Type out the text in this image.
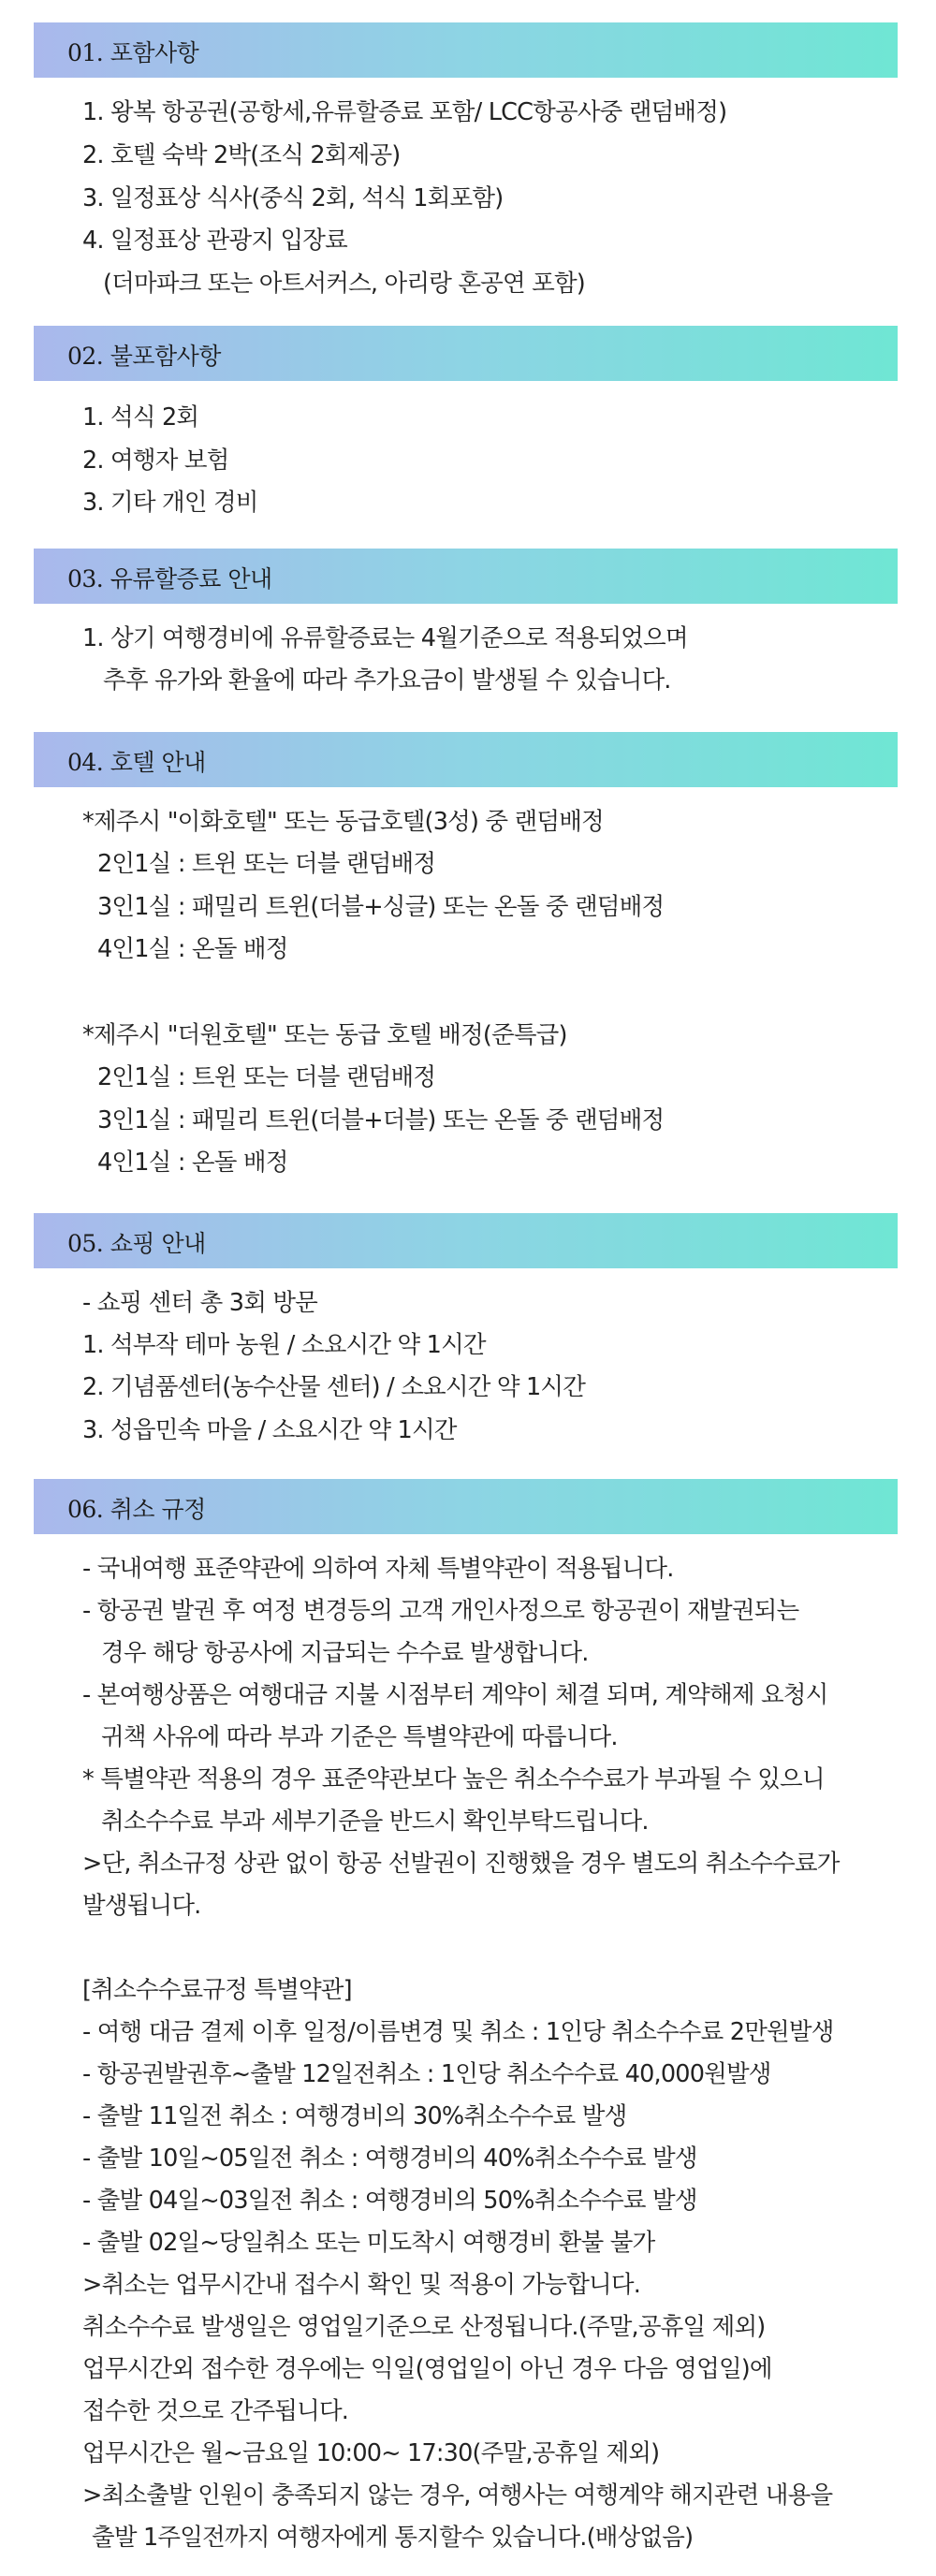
01. 포함사항

1. 왕복 항공권(공항세,유류할증료 포함/ LCC항공사중 랜덤배정)

2. 호텔 숙박 2박(조식 2회제공)

3. 일정표상 식사(중식 2회, 석식 1회포함)

4. 일정표상 관광지 입장료

(더마파크 또는 아트서커스, 아리랑 혼공연 포함)

02. 불포함사항

1. 석식 2회

2. 여행자 보험

3. 기타 개인 경비

03. 유류할증료 안내

1. 상기 여행경비에 유류할증료는 4월기준으로 적용되었으며

추후 유가와 환율에 따라 추가요금이 발생될 수 있습니다.

04. 호텔 안내

*제주시 "이화호텔" 또는 동급호텔(3성) 중 랜덤배정

2인1실 : 트윈 또는 더블 랜덤배정

3인1실 : 패밀리 트윈(더블+싱글) 또는 온돌 중 랜덤배정

4인1실 : 온돌 배정

*제주시 "더원호텔" 또는 동급 호텔 배정(준특급)

2인1실 : 트윈 또는 더블 랜덤배정

3인1실 : 패밀리 트윈(더블+더블) 또는 온돌 중 랜덤배정

4인1실 : 온돌 배정

05. 쇼핑 안내

- 쇼핑 센터 총 3회 방문

1. 석부작 테마 농원 / 소요시간 약 1시간

2. 기념품센터(농수산물 센터) / 소요시간 약 1시간

3. 성읍민속 마을 / 소요시간 약 1시간

06. 취소 규정

- 국내여행 표준약관에 의하여 자체 특별약관이 적용됩니다.

- 항공권 발권 후 여정 변경등의 고객 개인사정으로 항공권이 재발권되는

경우 해당 항공사에 지급되는 수수료 발생합니다.

- 본여행상품은 여행대금 지불 시점부터 계약이 체결 되며, 계약해제 요청시

귀책 사유에 따라 부과 기준은 특별약관에 따릅니다.

* 특별약관 적용의 경우 표준약관보다 높은 취소수수료가 부과될 수 있으니

취소수수료 부과 세부기준을 반드시 확인부탁드립니다.

>단, 취소규정 상관 없이 항공 선발권이 진행했을 경우 별도의 취소수수료가

발생됩니다.

[취소수수료규정 특별약관]

- 여행 대금 결제 이후 일정/이름변경 및 취소 : 1인당 취소수수료 2만원발생

- 항공권발권후~출발 12일전취소 : 1인당 취소수수료 40,000원발생

- 출발 11일전 취소 : 여행경비의 30%취소수수료 발생

- 출발 10일~05일전 취소 : 여행경비의 40%취소수수료 발생

- 출발 04일~03일전 취소 : 여행경비의 50%취소수수료 발생

- 출발 02일~당일취소 또는 미도착시 여행경비 환불 불가

>취소는 업무시간내 접수시 확인 및 적용이 가능합니다.

취소수수료 발생일은 영업일기준으로 산정됩니다.(주말,공휴일 제외)

업무시간외 접수한 경우에는 익일(영업일이 아닌 경우 다음 영업일)에

접수한 것으로 간주됩니다.

업무시간은 월~금요일 10:00~ 17:30(주말,공휴일 제외)

>최소출발 인원이 충족되지 않는 경우, 여행사는 여행계약 해지관련 내용을

출발 1주일전까지 여행자에게 통지할수 있습니다.(배상없음)
